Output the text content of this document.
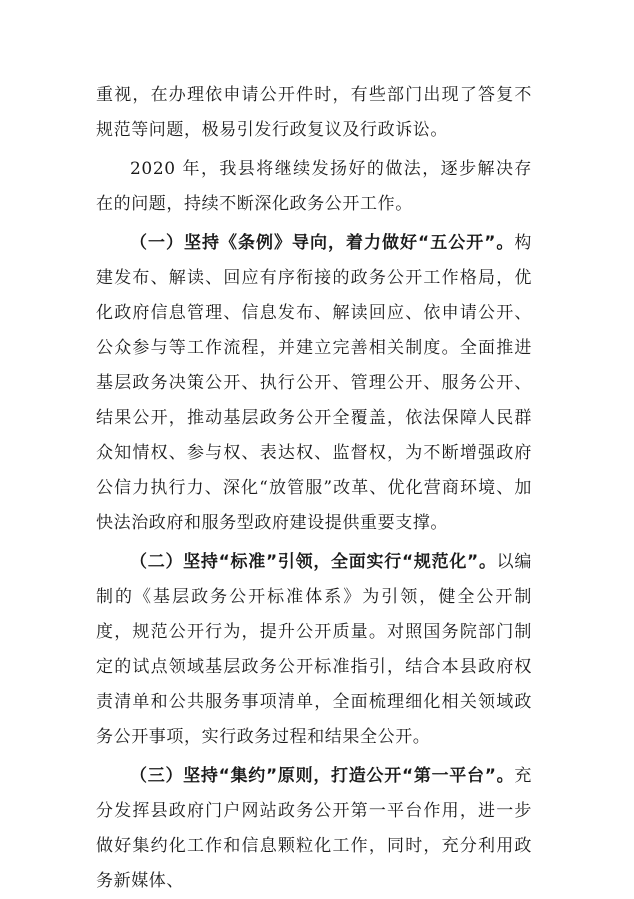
重视，在办理依申请公开件时，有些部门出现了答复不规范等问题，极易引发行政复议及行政诉讼。

2020 年，我县将继续发扬好的做法，逐步解决存在的问题，持续不断深化政务公开工作。

（一）坚持《条例》导向，着力做好“五公开”。构建发布、解读、回应有序衔接的政务公开工作格局，优化政府信息管理、信息发布、解读回应、依申请公开、公众参与等工作流程，并建立完善相关制度。全面推进基层政务决策公开、执行公开、管理公开、服务公开、结果公开，推动基层政务公开全覆盖，依法保障人民群众知情权、参与权、表达权、监督权，为不断增强政府公信力执行力、深化“放管服”改革、优化营商环境、加快法治政府和服务型政府建设提供重要支撑。

（二）坚持“标准”引领，全面实行“规范化”。以编制的《基层政务公开标准体系》为引领，健全公开制度，规范公开行为，提升公开质量。对照国务院部门制定的试点领域基层政务公开标准指引，结合本县政府权责清单和公共服务事项清单，全面梳理细化相关领域政务公开事项，实行政务过程和结果全公开。

（三）坚持“集约”原则，打造公开“第一平台”。充分发挥县政府门户网站政务公开第一平台作用，进一步做好集约化工作和信息颗粒化工作，同时，充分利用政务新媒体、
